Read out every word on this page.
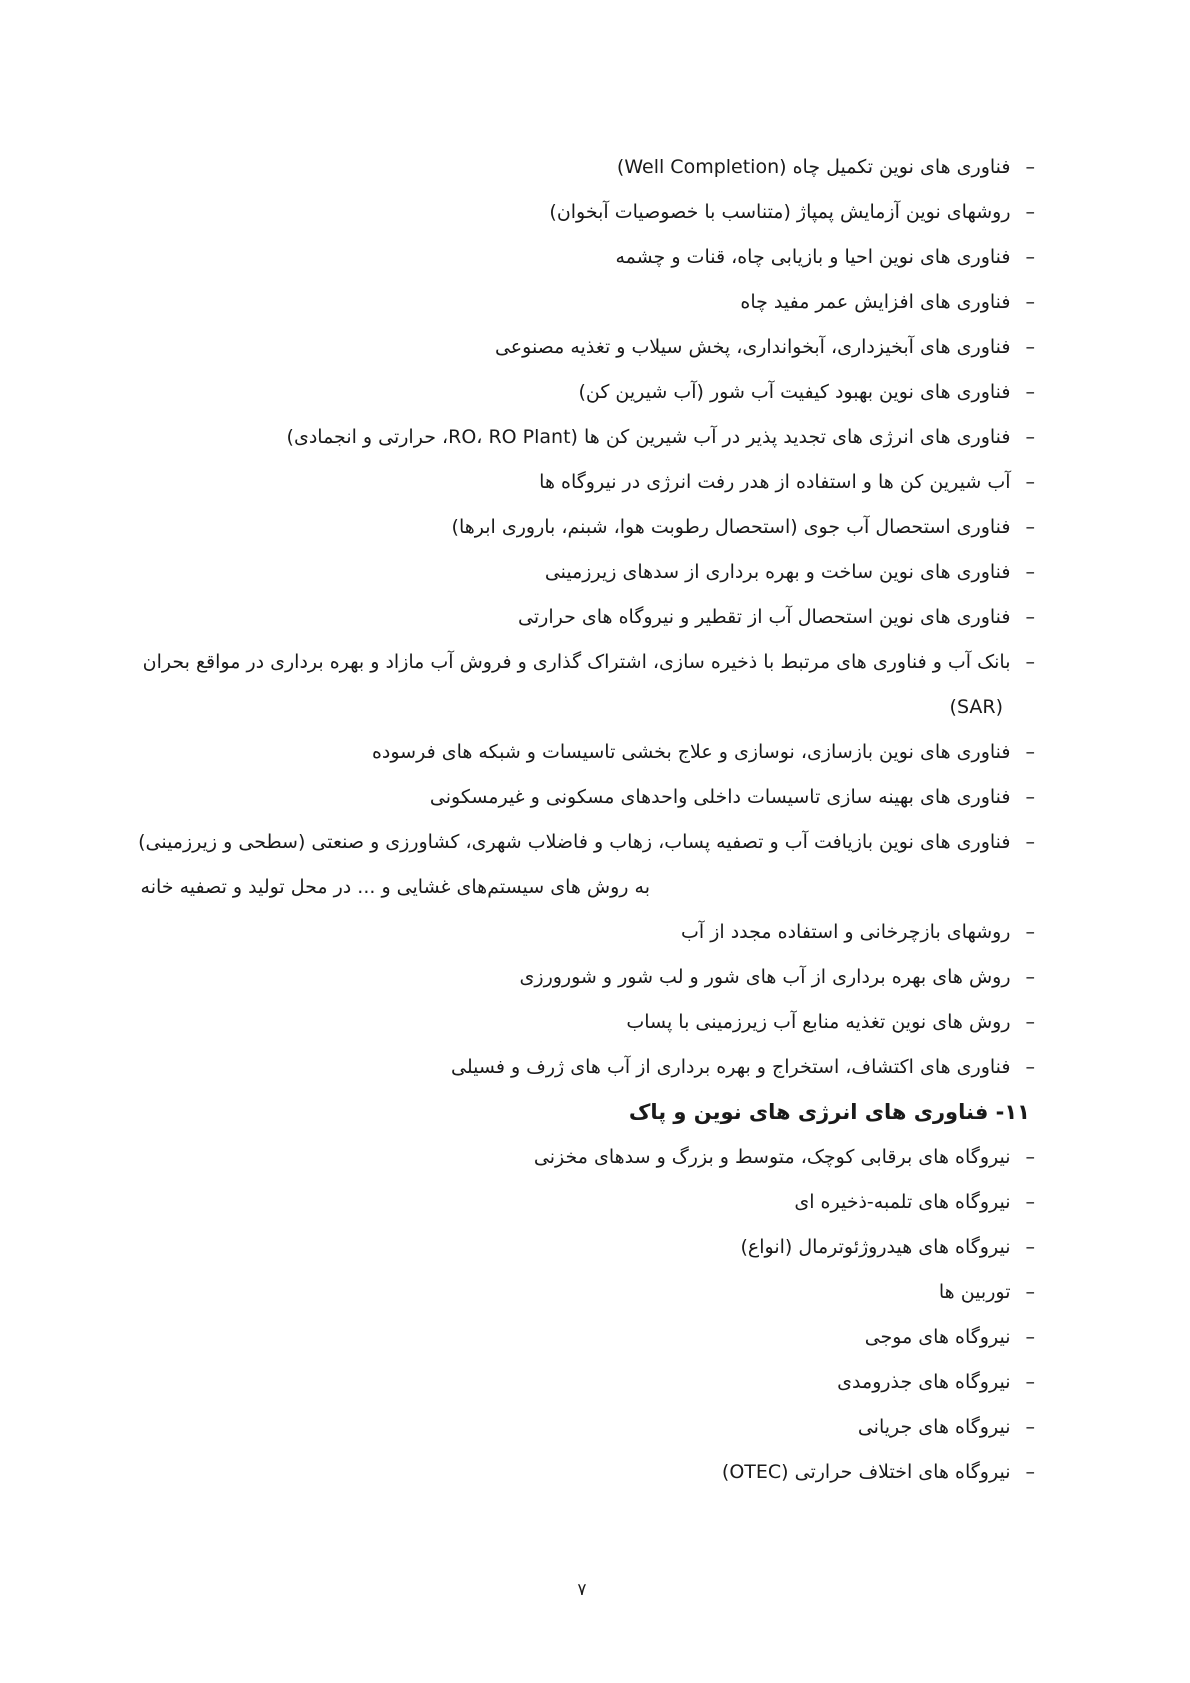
–فناوری های نوین تکمیل چاه (Well Completion)
–روشهای نوین آزمایش پمپاژ (متناسب با خصوصیات آبخوان)
–فناوری های نوین احیا و بازیابی چاه، قنات و چشمه
–فناوری های افزایش عمر مفید چاه
–فناوری های آبخیزداری، آبخوانداری، پخش سیلاب و تغذیه مصنوعی
–فناوری های نوین بهبود کیفیت آب شور (آب شیرین کن)
–فناوری های انرژی های تجدید پذیر در آب شیرین کن ها (RO، RO Plant، حرارتی و انجمادی)
–آب شیرین کن ها و استفاده از هدر رفت انرژی در نیروگاه ها
–فناوری استحصال آب جوی (استحصال رطوبت هوا، شبنم، باروری ابرها)
–فناوری های نوین ساخت و بهره برداری از سدهای زیرزمینی
–فناوری های نوین استحصال آب از تقطیر و نیروگاه های حرارتی
–بانک آب و فناوری های مرتبط با ذخیره سازی، اشتراک گذاری و فروش آب مازاد و بهره برداری در مواقع بحران
(SAR)
–فناوری های نوین بازسازی، نوسازی و علاج بخشی تاسیسات و شبکه های فرسوده
–فناوری های بهینه سازی تاسیسات داخلی واحدهای مسکونی و غیرمسکونی
–فناوری های نوین بازیافت آب و تصفیه پساب، زهاب و فاضلاب شهری، کشاورزی و صنعتی (سطحی و زیرزمینی)
به روش های سیستم‌های غشایی و ... در محل تولید و تصفیه خانه
–روشهای بازچرخانی و استفاده مجدد از آب
–روش های بهره برداری از آب های شور و لب شور و شورورزی
–روش های نوین تغذیه منابع آب زیرزمینی با پساب
–فناوری های اکتشاف، استخراج و بهره برداری از آب های ژرف و فسیلی
۱۱- فناوری های انرژی های نوین و پاک
–نیروگاه های برقابی کوچک، متوسط و بزرگ و سدهای مخزنی
–نیروگاه های تلمبه-ذخیره ای
–نیروگاه های هیدروژئوترمال (انواع)
–توربین ها
–نیروگاه های موجی
–نیروگاه های جذرومدی
–نیروگاه های جریانی
–نیروگاه های اختلاف حرارتی (OTEC)
۷
